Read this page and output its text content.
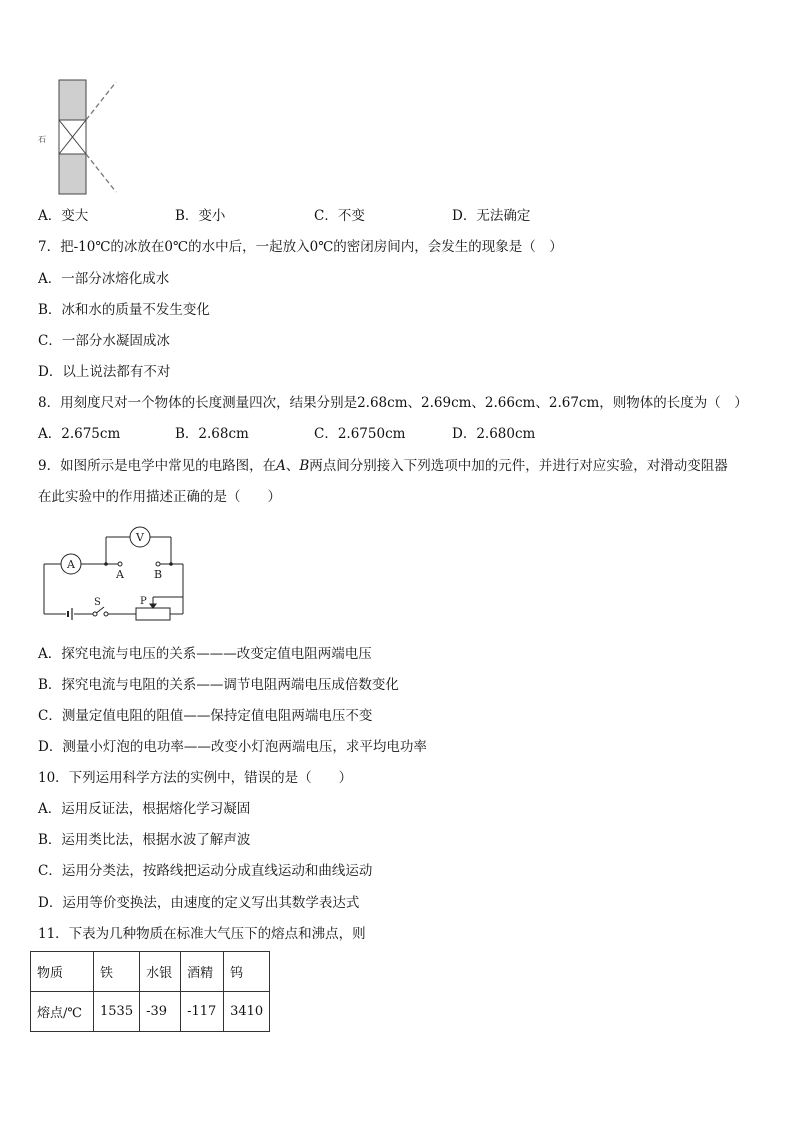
石
A．变大	B．变小	C．不变	D．无法确定
7．把-10℃的冰放在0℃的水中后，一起放入0℃的密闭房间内，会发生的现象是（　）
A．一部分冰熔化成水
B．冰和水的质量不发生变化
C．一部分水凝固成冰
D．以上说法都有不对
8．用刻度尺对一个物体的长度测量四次，结果分别是2.68cm、2.69cm、2.66cm、2.67cm，则物体的长度为（　）
A．2.675cm	B．2.68cm	C．2.6750cm	D．2.680cm
9．如图所示是电学中常见的电路图，在A、B两点间分别接入下列选项中加的元件，并进行对应实验，对滑动变阻器
在此实验中的作用描述正确的是（　　）
A
V
A	B
S	P
A．探究电流与电压的关系———改变定值电阻两端电压
B．探究电流与电阻的关系——调节电阻两端电压成倍数变化
C．测量定值电阻的阻值——保持定值电阻两端电压不变
D．测量小灯泡的电功率——改变小灯泡两端电压，求平均电功率
10．下列运用科学方法的实例中，错误的是（　　）
A．运用反证法，根据熔化学习凝固
B．运用类比法，根据水波了解声波
C．运用分类法，按路线把运动分成直线运动和曲线运动
D．运用等价变换法，由速度的定义写出其数学表达式
11．下表为几种物质在标准大气压下的熔点和沸点，则
物质	铁	水银	酒精	钨
熔点/℃	1535	-39	-117	3410
